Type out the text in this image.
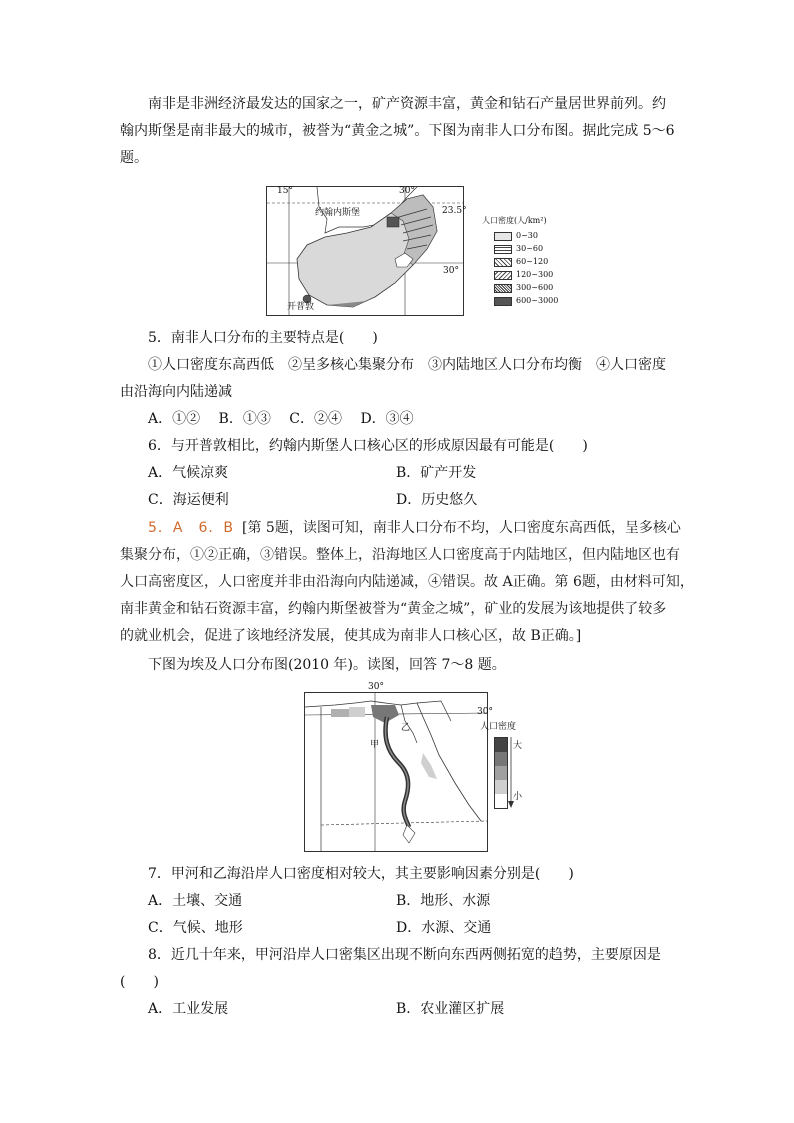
南非是非洲经济最发达的国家之一，矿产资源丰富，黄金和钻石产量居世界前列。约
翰内斯堡是南非最大的城市，被誉为“黄金之城”。下图为南非人口分布图。据此完成 5～6
题。
15°	30°
约翰内斯堡
开普敦
23.5°
30°
人口密度(人/km²)
0~30
30~60
60~120
120~300
300~600
600~3000
5．南非人口分布的主要特点是(　　)
①人口密度东高西低　②呈多核心集聚分布　③内陆地区人口分布均衡　④人口密度
由沿海向内陆递减
A．①②　 B．①③　 C．②④　 D．③④
6．与开普敦相比，约翰内斯堡人口核心区的形成原因最有可能是(　　)
A．气候凉爽	B．矿产开发
C．海运便利	D．历史悠久
5．A　6．B [第 5题，读图可知，南非人口分布不均，人口密度东高西低，呈多核心
集聚分布，①②正确，③错误。整体上，沿海地区人口密度高于内陆地区，但内陆地区也有
人口高密度区，人口密度并非由沿海向内陆递减，④错误。故 A正确。第 6题，由材料可知，
南非黄金和钻石资源丰富，约翰内斯堡被誉为“黄金之城”，矿业的发展为该地提供了较多
的就业机会，促进了该地经济发展，使其成为南非人口核心区，故 B正确。]
下图为埃及人口分布图(2010 年)。读图，回答 7～8 题。
30°
甲
乙
30°
人口密度
大
小
7．甲河和乙海沿岸人口密度相对较大，其主要影响因素分别是(　　)
A．土壤、交通	B．地形、水源
C．气候、地形	D．水源、交通
8．近几十年来，甲河沿岸人口密集区出现不断向东西两侧拓宽的趋势，主要原因是
(　　)
A．工业发展	B．农业灌区扩展
